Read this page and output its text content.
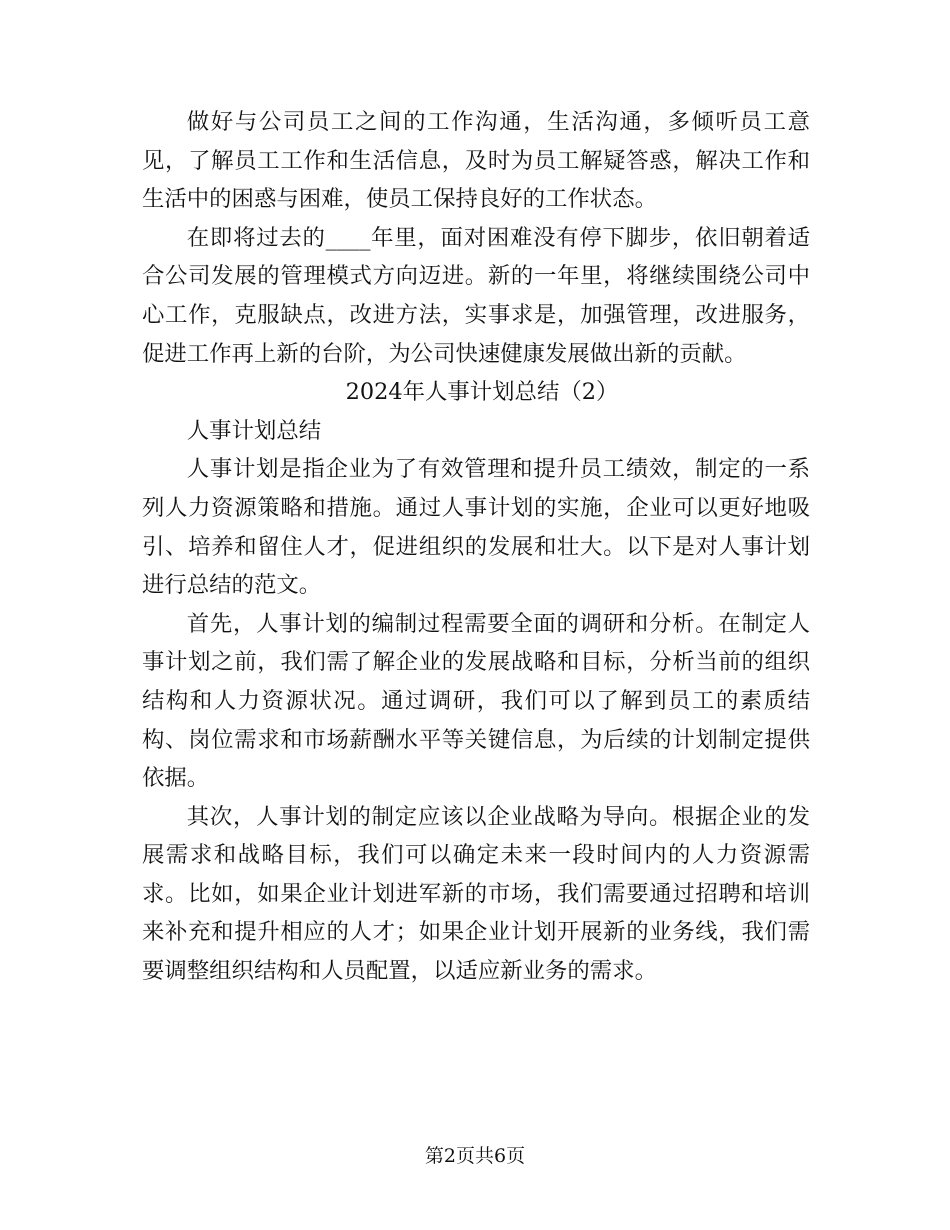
做好与公司员工之间的工作沟通，生活沟通，多倾听员工意见，了解员工工作和生活信息，及时为员工解疑答惑，解决工作和生活中的困惑与困难，使员工保持良好的工作状态。

在即将过去的____年里，面对困难没有停下脚步，依旧朝着适合公司发展的管理模式方向迈进。新的一年里，将继续围绕公司中心工作，克服缺点，改进方法，实事求是，加强管理，改进服务，促进工作再上新的台阶，为公司快速健康发展做出新的贡献。

2024年人事计划总结（2）

人事计划总结

人事计划是指企业为了有效管理和提升员工绩效，制定的一系列人力资源策略和措施。通过人事计划的实施，企业可以更好地吸引、培养和留住人才，促进组织的发展和壮大。以下是对人事计划进行总结的范文。

首先，人事计划的编制过程需要全面的调研和分析。在制定人事计划之前，我们需了解企业的发展战略和目标，分析当前的组织结构和人力资源状况。通过调研，我们可以了解到员工的素质结构、岗位需求和市场薪酬水平等关键信息，为后续的计划制定提供依据。

其次，人事计划的制定应该以企业战略为导向。根据企业的发展需求和战略目标，我们可以确定未来一段时间内的人力资源需求。比如，如果企业计划进军新的市场，我们需要通过招聘和培训来补充和提升相应的人才；如果企业计划开展新的业务线，我们需要调整组织结构和人员配置，以适应新业务的需求。

第2页共6页
